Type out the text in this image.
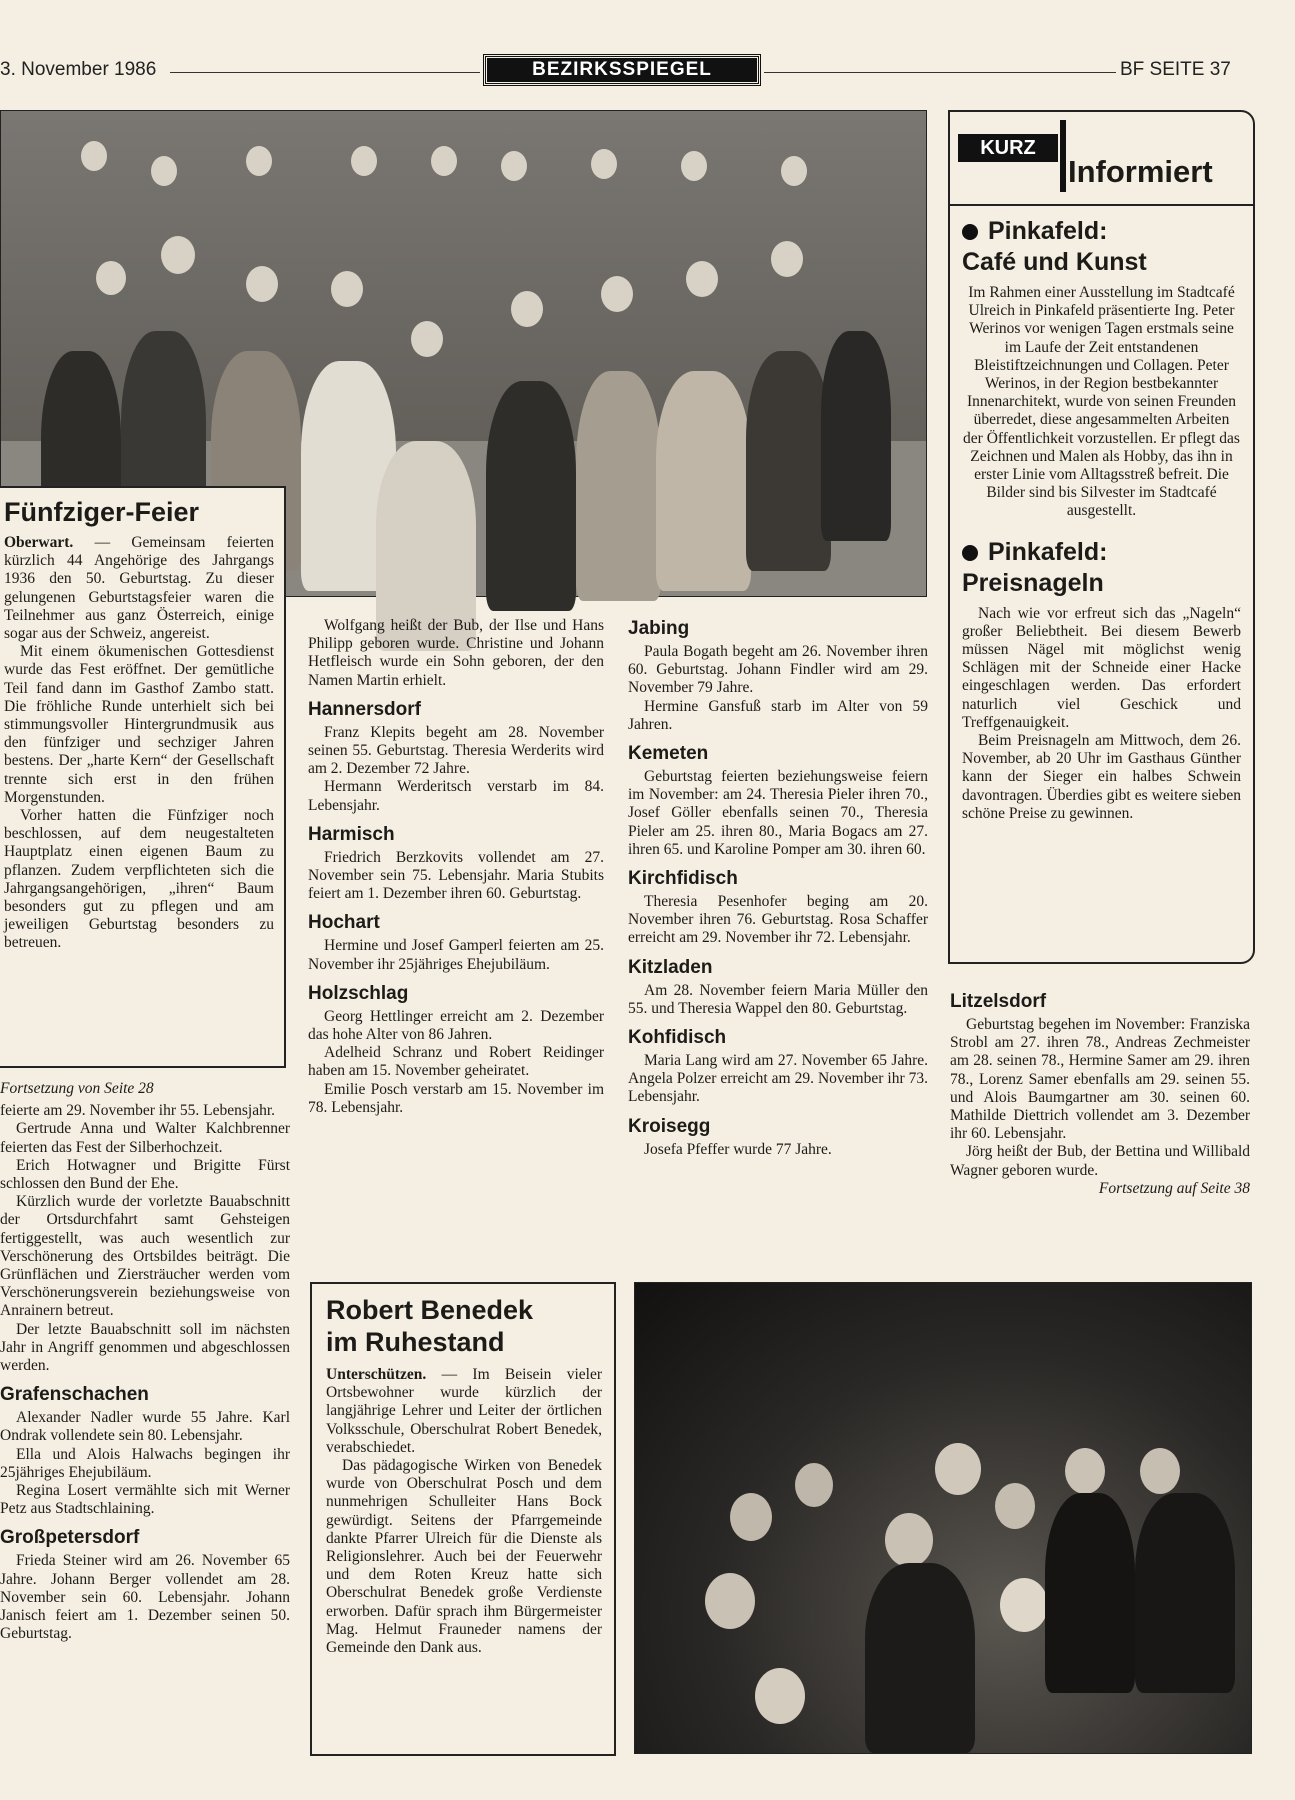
3. November 1986	BEZIRKSSPIEGEL	BF SEITE 37
Fünfziger-Feier

Oberwart. — Gemeinsam feierten kürzlich 44 Angehörige des Jahrgangs 1936 den 50. Geburtstag. Zu dieser gelungenen Geburtstagsfeier waren die Teilnehmer aus ganz Österreich, einige sogar aus der Schweiz, angereist.

Mit einem ökumenischen Gottesdienst wurde das Fest eröffnet. Der gemütliche Teil fand dann im Gasthof Zambo statt. Die fröhliche Runde unterhielt sich bei stimmungsvoller Hintergrundmusik aus den fünfziger und sechziger Jahren bestens. Der „harte Kern“ der Gesellschaft trennte sich erst in den frühen Morgenstunden.

Vorher hatten die Fünfziger noch beschlossen, auf dem neugestalteten Hauptplatz einen eigenen Baum zu pflanzen. Zudem verpflichteten sich die Jahrgangsangehörigen, „ihren“ Baum besonders gut zu pflegen und am jeweiligen Geburtstag besonders zu betreuen.

Fortsetzung von Seite 28

feierte am 29. November ihr 55. Lebensjahr.

Gertrude Anna und Walter Kalchbrenner feierten das Fest der Silberhochzeit.

Erich Hotwagner und Brigitte Fürst schlossen den Bund der Ehe.

Kürzlich wurde der vorletzte Bauabschnitt der Ortsdurchfahrt samt Gehsteigen fertiggestellt, was auch wesentlich zur Verschönerung des Ortsbildes beiträgt. Die Grünflächen und Ziersträucher werden vom Verschönerungsverein beziehungsweise von Anrainern betreut.

Der letzte Bauabschnitt soll im nächsten Jahr in Angriff genommen und abgeschlossen werden.

Grafenschachen

Alexander Nadler wurde 55 Jahre. Karl Ondrak vollendete sein 80. Lebensjahr.

Ella und Alois Halwachs begingen ihr 25jähriges Ehejubiläum.

Regina Losert vermählte sich mit Werner Petz aus Stadtschlaining.

Großpetersdorf

Frieda Steiner wird am 26. November 65 Jahre. Johann Berger vollendet am 28. November sein 60. Lebensjahr. Johann Janisch feiert am 1. Dezember seinen 50. Geburtstag.

Wolfgang heißt der Bub, der Ilse und Hans Philipp geboren wurde. Christine und Johann Hetfleisch wurde ein Sohn geboren, der den Namen Martin erhielt.

Hannersdorf

Franz Klepits begeht am 28. November seinen 55. Geburtstag. Theresia Werderits wird am 2. Dezember 72 Jahre.

Hermann Werderitsch verstarb im 84. Lebensjahr.

Harmisch

Friedrich Berzkovits vollendet am 27. November sein 75. Lebensjahr. Maria Stubits feiert am 1. Dezember ihren 60. Geburtstag.

Hochart

Hermine und Josef Gamperl feierten am 25. November ihr 25jähriges Ehejubiläum.

Holzschlag

Georg Hettlinger erreicht am 2. Dezember das hohe Alter von 86 Jahren.

Adelheid Schranz und Robert Reidinger haben am 15. November geheiratet.

Emilie Posch verstarb am 15. November im 78. Lebensjahr.

Jabing

Paula Bogath begeht am 26. November ihren 60. Geburtstag. Johann Findler wird am 29. November 79 Jahre.

Hermine Gansfuß starb im Alter von 59 Jahren.

Kemeten

Geburtstag feierten beziehungsweise feiern im November: am 24. Theresia Pieler ihren 70., Josef Göller ebenfalls seinen 70., Theresia Pieler am 25. ihren 80., Maria Bogacs am 27. ihren 65. und Karoline Pomper am 30. ihren 60.

Kirchfidisch

Theresia Pesenhofer beging am 20. November ihren 76. Geburtstag. Rosa Schaffer erreicht am 29. November ihr 72. Lebensjahr.

Kitzladen

Am 28. November feiern Maria Müller den 55. und Theresia Wappel den 80. Geburtstag.

Kohfidisch

Maria Lang wird am 27. November 65 Jahre. Angela Polzer erreicht am 29. November ihr 73. Lebensjahr.

Kroisegg

Josefa Pfeffer wurde 77 Jahre.

KURZ
Informiert
Pinkafeld:
Café und Kunst

Im Rahmen einer Ausstellung im Stadtcafé Ulreich in Pinkafeld präsentierte Ing. Peter Werinos vor wenigen Tagen erstmals seine im Laufe der Zeit entstandenen Bleistiftzeichnungen und Collagen. Peter Werinos, in der Region bestbekannter Innenarchitekt, wurde von seinen Freunden überredet, diese angesammelten Arbeiten der Öffentlichkeit vorzustellen. Er pflegt das Zeichnen und Malen als Hobby, das ihn in erster Linie vom Alltagsstreß befreit. Die Bilder sind bis Silvester im Stadtcafé ausgestellt.

Pinkafeld:
Preisnageln

Nach wie vor erfreut sich das „Nageln“ großer Beliebtheit. Bei diesem Bewerb müssen Nägel mit möglichst wenig Schlägen mit der Schneide einer Hacke eingeschlagen werden. Das erfordert naturlich viel Geschick und Treffgenauigkeit.

Beim Preisnageln am Mittwoch, dem 26. November, ab 20 Uhr im Gasthaus Günther kann der Sieger ein halbes Schwein davontragen. Überdies gibt es weitere sieben schöne Preise zu gewinnen.

Litzelsdorf

Geburtstag begehen im November: Franziska Strobl am 27. ihren 78., Andreas Zechmeister am 28. seinen 78., Hermine Samer am 29. ihren 78., Lorenz Samer ebenfalls am 29. seinen 55. und Alois Baumgartner am 30. seinen 60. Mathilde Diettrich vollendet am 3. Dezember ihr 60. Lebensjahr.

Jörg heißt der Bub, der Bettina und Willibald Wagner geboren wurde.

Fortsetzung auf Seite 38
Robert Benedek
im Ruhestand

Unterschützen. — Im Beisein vieler Ortsbewohner wurde kürzlich der langjährige Lehrer und Leiter der örtlichen Volksschule, Oberschulrat Robert Benedek, verabschiedet.

Das pädagogische Wirken von Benedek wurde von Oberschulrat Posch und dem nunmehrigen Schulleiter Hans Bock gewürdigt. Seitens der Pfarrgemeinde dankte Pfarrer Ulreich für die Dienste als Religionslehrer. Auch bei der Feuerwehr und dem Roten Kreuz hatte sich Oberschulrat Benedek große Verdienste erworben. Dafür sprach ihm Bürgermeister Mag. Helmut Frauneder namens der Gemeinde den Dank aus.
